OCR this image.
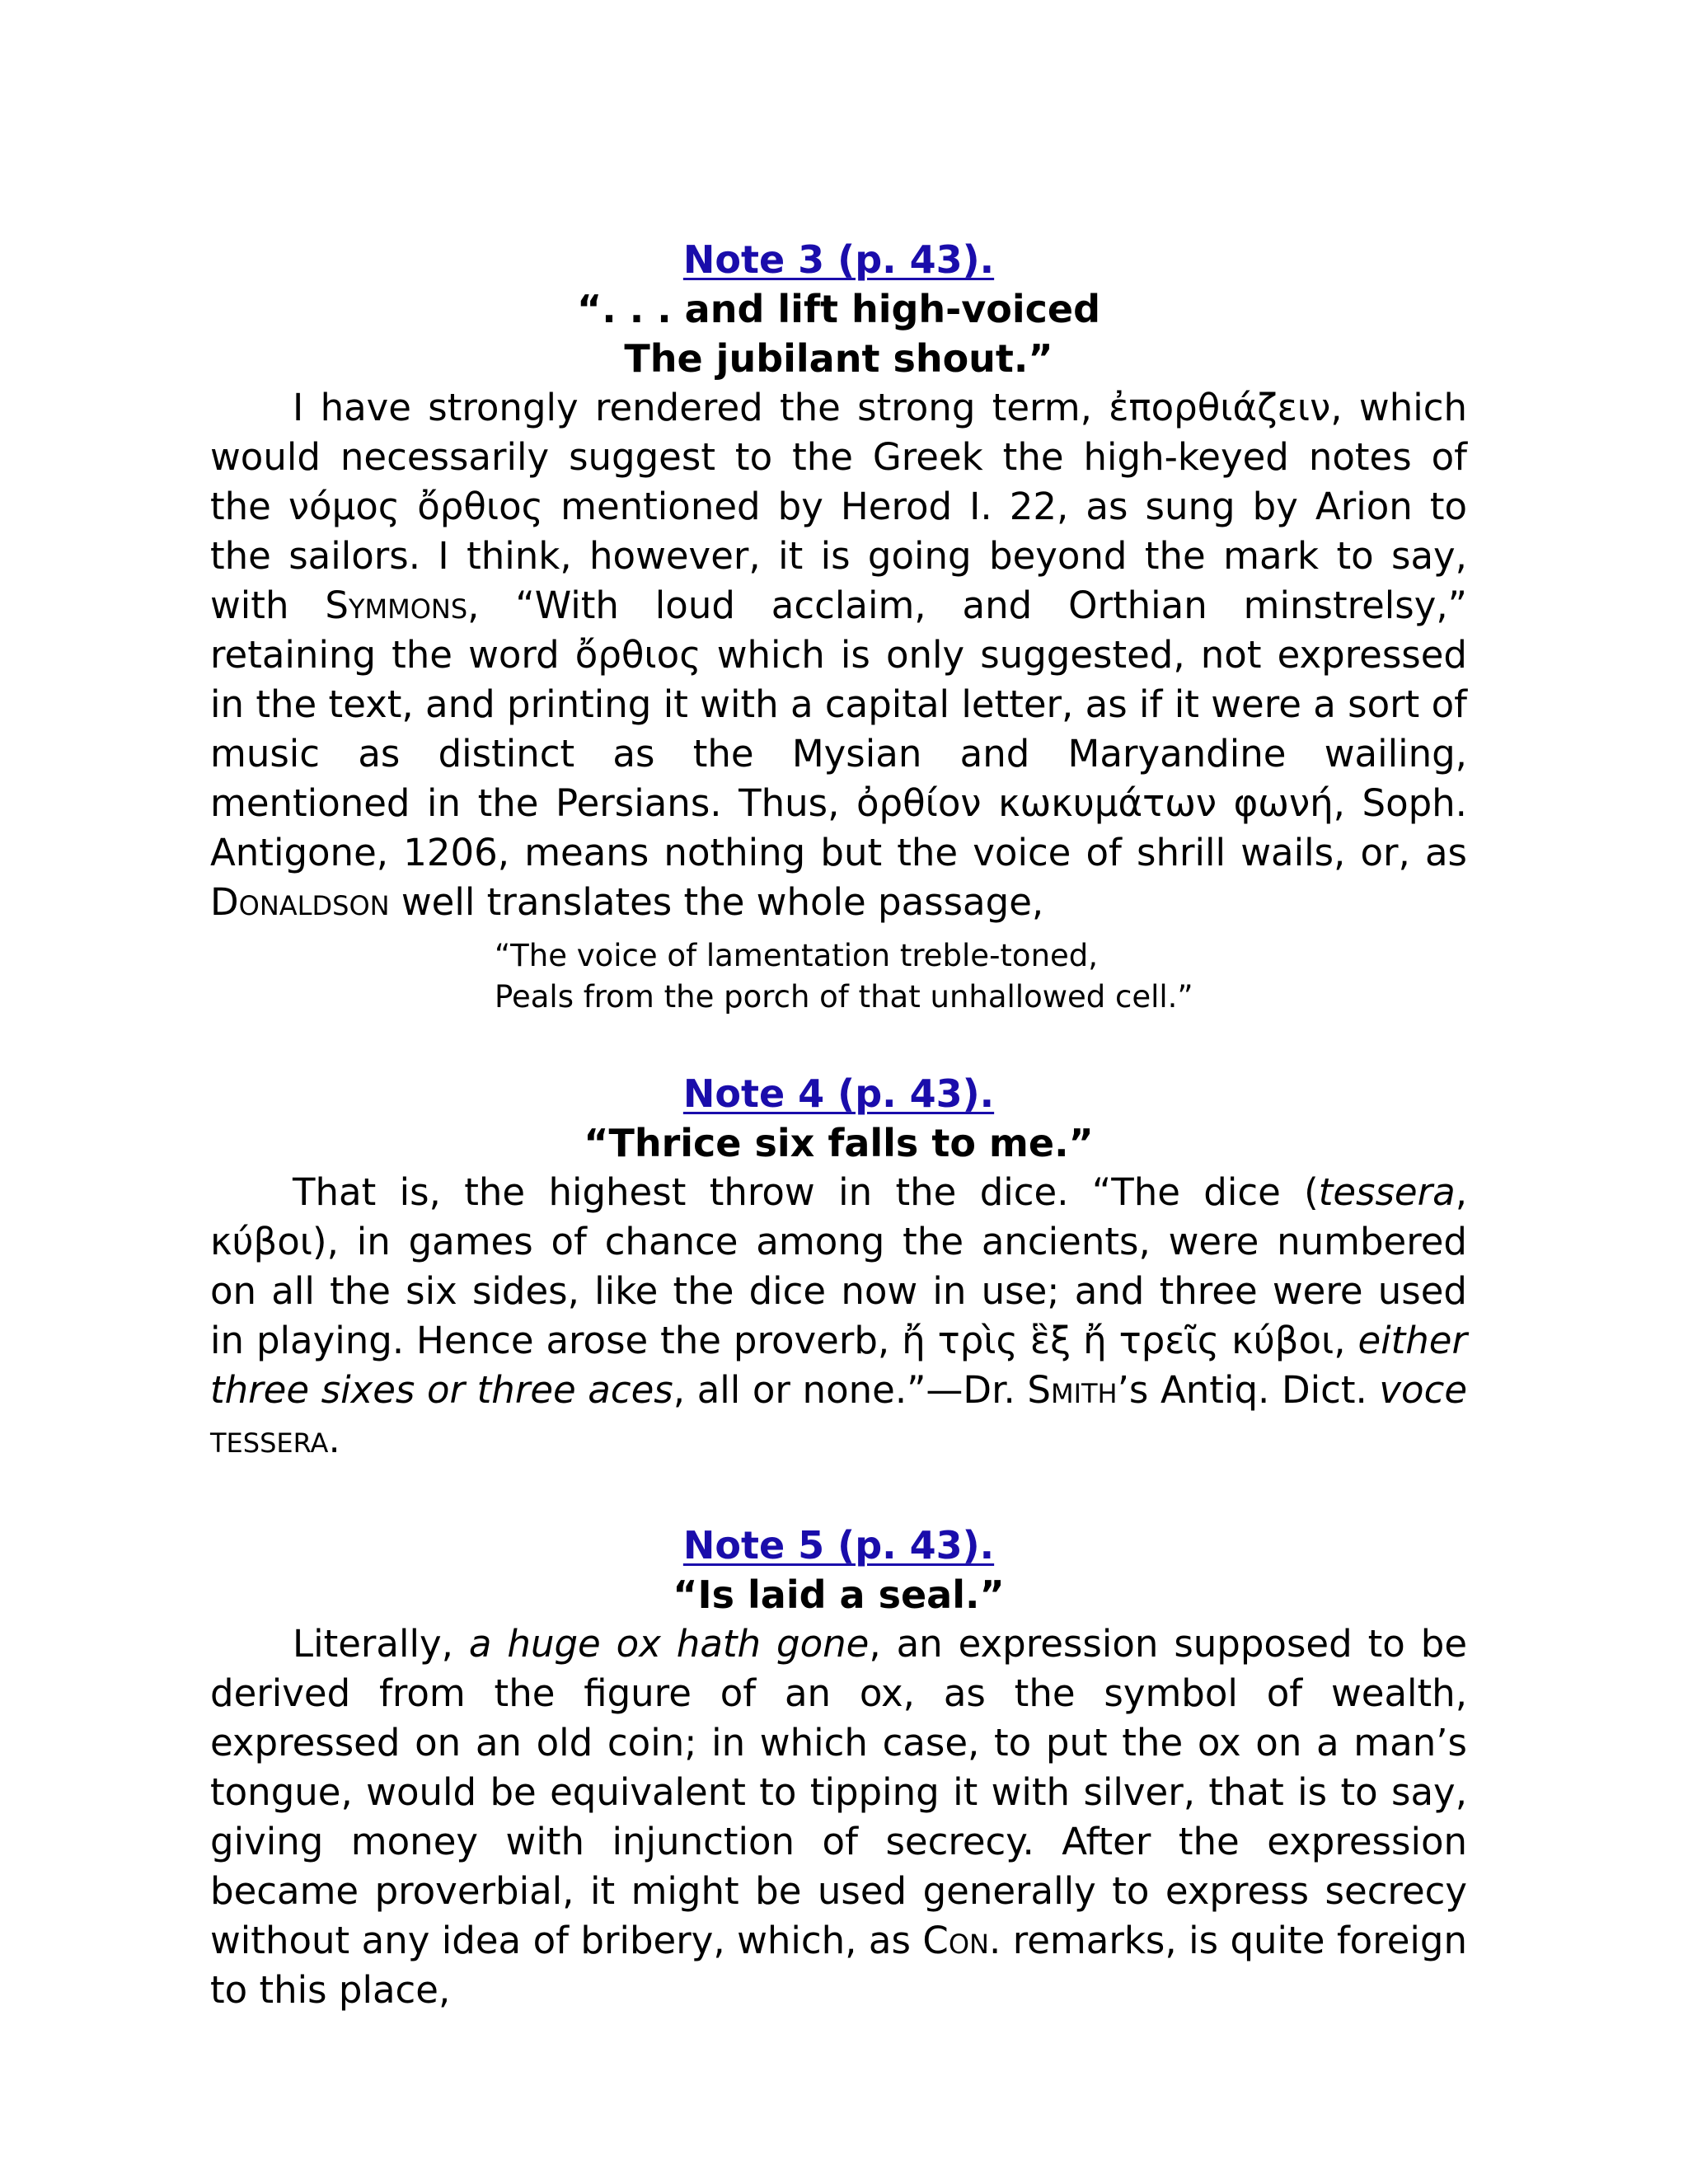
Note 3 (p. 43).

“. . . and lift high-voiced

The jubilant shout.”

I have strongly rendered the strong term, ἐπορθιάζειν, which would necessarily suggest to the Greek the high-keyed notes of the νόμος ὄρθιος mentioned by Herod I. 22, as sung by Arion to the sailors. I think, however, it is going beyond the mark to say, with Symmons, “With loud acclaim, and Orthian minstrelsy,” retaining the word ὄρθιος which is only suggested, not expressed in the text, and printing it with a capital letter, as if it were a sort of music as distinct as the Mysian and Maryandine wailing, mentioned in the Persians. Thus, ὀρθίον κωκυμάτων φωνή, Soph. Antigone, 1206, means nothing but the voice of shrill wails, or, as Donaldson well translates the whole passage,

“The voice of lamentation treble-toned,
Peals from the porch of that unhallowed cell.”
Note 4 (p. 43).

“Thrice six falls to me.”

That is, the highest throw in the dice. “The dice (tessera, κύβοι), in games of chance among the ancients, were numbered on all the six sides, like the dice now in use; and three were used in playing. Hence arose the proverb, ἤ τρὶς ἓξ ἤ τρεῖς κύβοι, either three sixes or three aces, all or none.”—Dr. Smith’s Antiq. Dict. voce tessera.

Note 5 (p. 43).

“Is laid a seal.”

Literally, a huge ox hath gone, an expression supposed to be derived from the figure of an ox, as the symbol of wealth, expressed on an old coin; in which case, to put the ox on a man’s tongue, would be equivalent to tipping it with silver, that is to say, giving money with injunction of secrecy. After the expression became proverbial, it might be used generally to express secrecy without any idea of bribery, which, as Con. remarks, is quite foreign to this place,
